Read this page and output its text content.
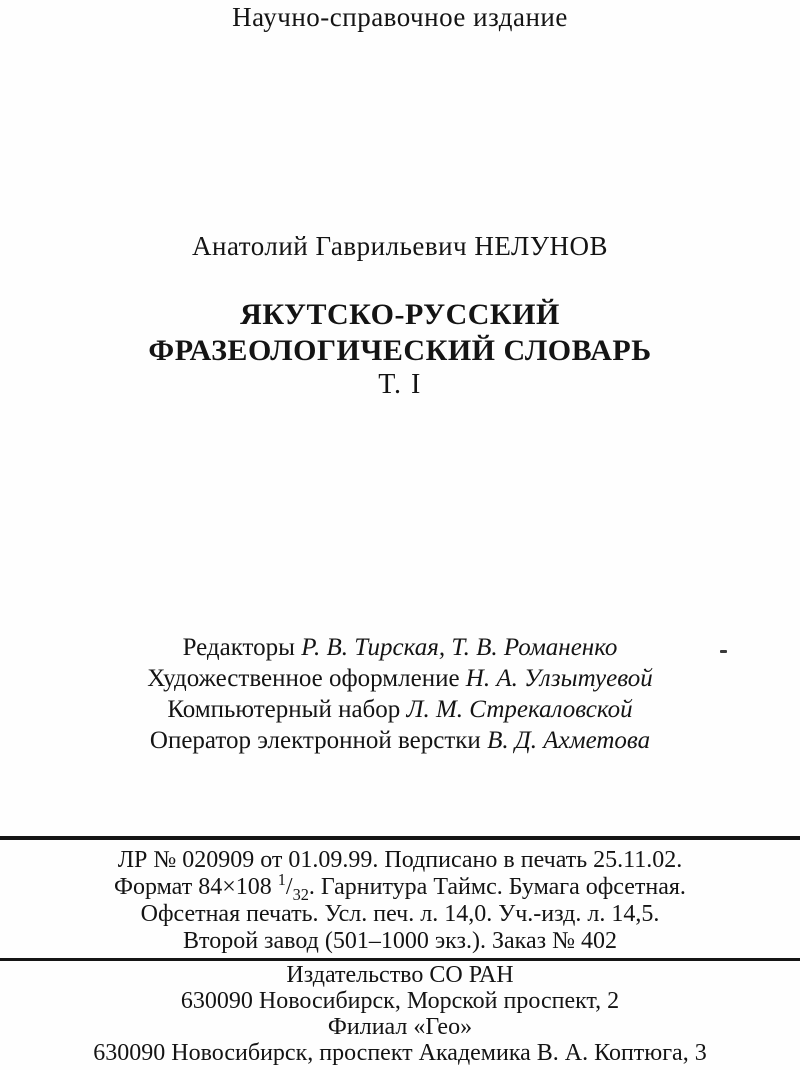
Научно-справочное издание
Анатолий Гаврильевич НЕЛУНОВ
ЯКУТСКО-РУССКИЙ
ФРАЗЕОЛОГИЧЕСКИЙ СЛОВАРЬ
Т. I
Редакторы Р. В. Тирская, Т. В. Романенко
Художественное оформление Н. А. Улзытуевой
Компьютерный набор Л. М. Стрекаловской
Оператор электронной верстки В. Д. Ахметова
ЛР № 020909 от 01.09.99. Подписано в печать 25.11.02.
Формат 84×108 $^1/_{32}$. Гарнитура Таймс. Бумага офсетная.
Офсетная печать. Усл. печ. л. 14,0. Уч.-изд. л. 14,5.
Второй завод (501–1000 экз.). Заказ № 402
Издательство СО РАН
630090 Новосибирск, Морской проспект, 2
Филиал «Гео»
630090 Новосибирск, проспект Академика В. А. Коптюга, 3
